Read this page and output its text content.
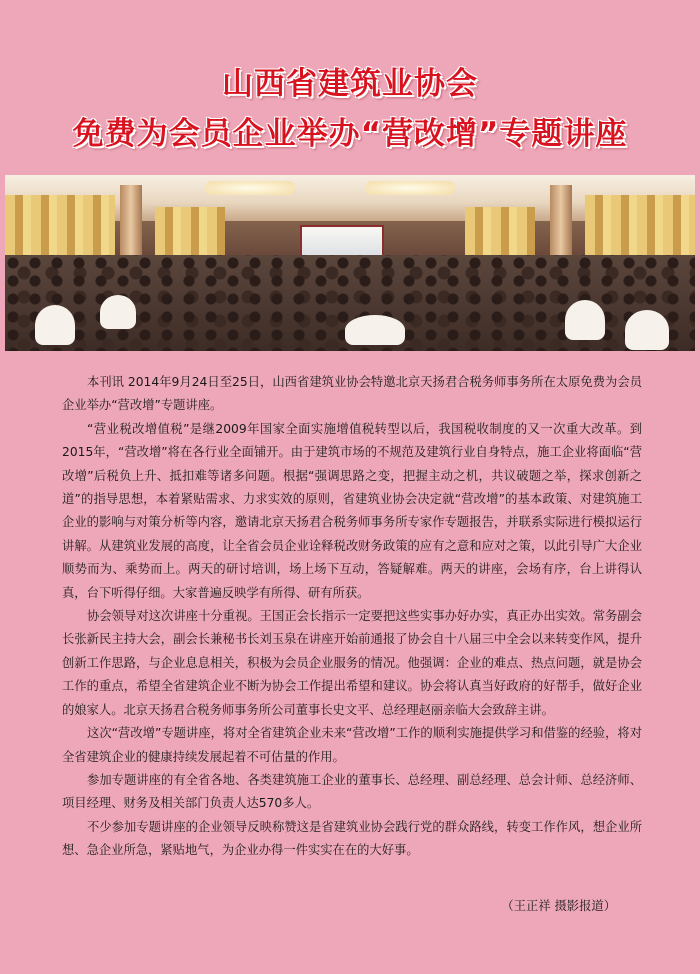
山西省建筑业协会
免费为会员企业举办“营改增”专题讲座

本刊讯 2014年9月24日至25日，山西省建筑业协会特邀北京天扬君合税务师事务所在太原免费为会员企业举办“营改增”专题讲座。

“营业税改增值税”是继2009年国家全面实施增值税转型以后，我国税收制度的又一次重大改革。到2015年，“营改增”将在各行业全面铺开。由于建筑市场的不规范及建筑行业自身特点，施工企业将面临“营改增”后税负上升、抵扣难等诸多问题。根据“强调思路之变，把握主动之机，共议破题之举，探求创新之道”的指导思想，本着紧贴需求、力求实效的原则，省建筑业协会决定就“营改增”的基本政策、对建筑施工企业的影响与对策分析等内容，邀请北京天扬君合税务师事务所专家作专题报告，并联系实际进行模拟运行讲解。从建筑业发展的高度，让全省会员企业诠释税改财务政策的应有之意和应对之策，以此引导广大企业顺势而为、乘势而上。两天的研讨培训，场上场下互动，答疑解难。两天的讲座，会场有序，台上讲得认真，台下听得仔细。大家普遍反映学有所得、研有所获。

协会领导对这次讲座十分重视。王国正会长指示一定要把这些实事办好办实，真正办出实效。常务副会长张新民主持大会，副会长兼秘书长刘玉泉在讲座开始前通报了协会自十八届三中全会以来转变作风，提升创新工作思路，与企业息息相关，积极为会员企业服务的情况。他强调：企业的难点、热点问题，就是协会工作的重点，希望全省建筑企业不断为协会工作提出希望和建议。协会将认真当好政府的好帮手，做好企业的娘家人。北京天扬君合税务师事务所公司董事长史文平、总经理赵丽亲临大会致辞主讲。

这次“营改增”专题讲座，将对全省建筑企业未来“营改增”工作的顺利实施提供学习和借鉴的经验，将对全省建筑企业的健康持续发展起着不可估量的作用。

参加专题讲座的有全省各地、各类建筑施工企业的董事长、总经理、副总经理、总会计师、总经济师、项目经理、财务及相关部门负责人达570多人。

不少参加专题讲座的企业领导反映称赞这是省建筑业协会践行党的群众路线，转变工作作风，想企业所想、急企业所急，紧贴地气，为企业办得一件实实在在的大好事。

（王正祥 摄影报道）
